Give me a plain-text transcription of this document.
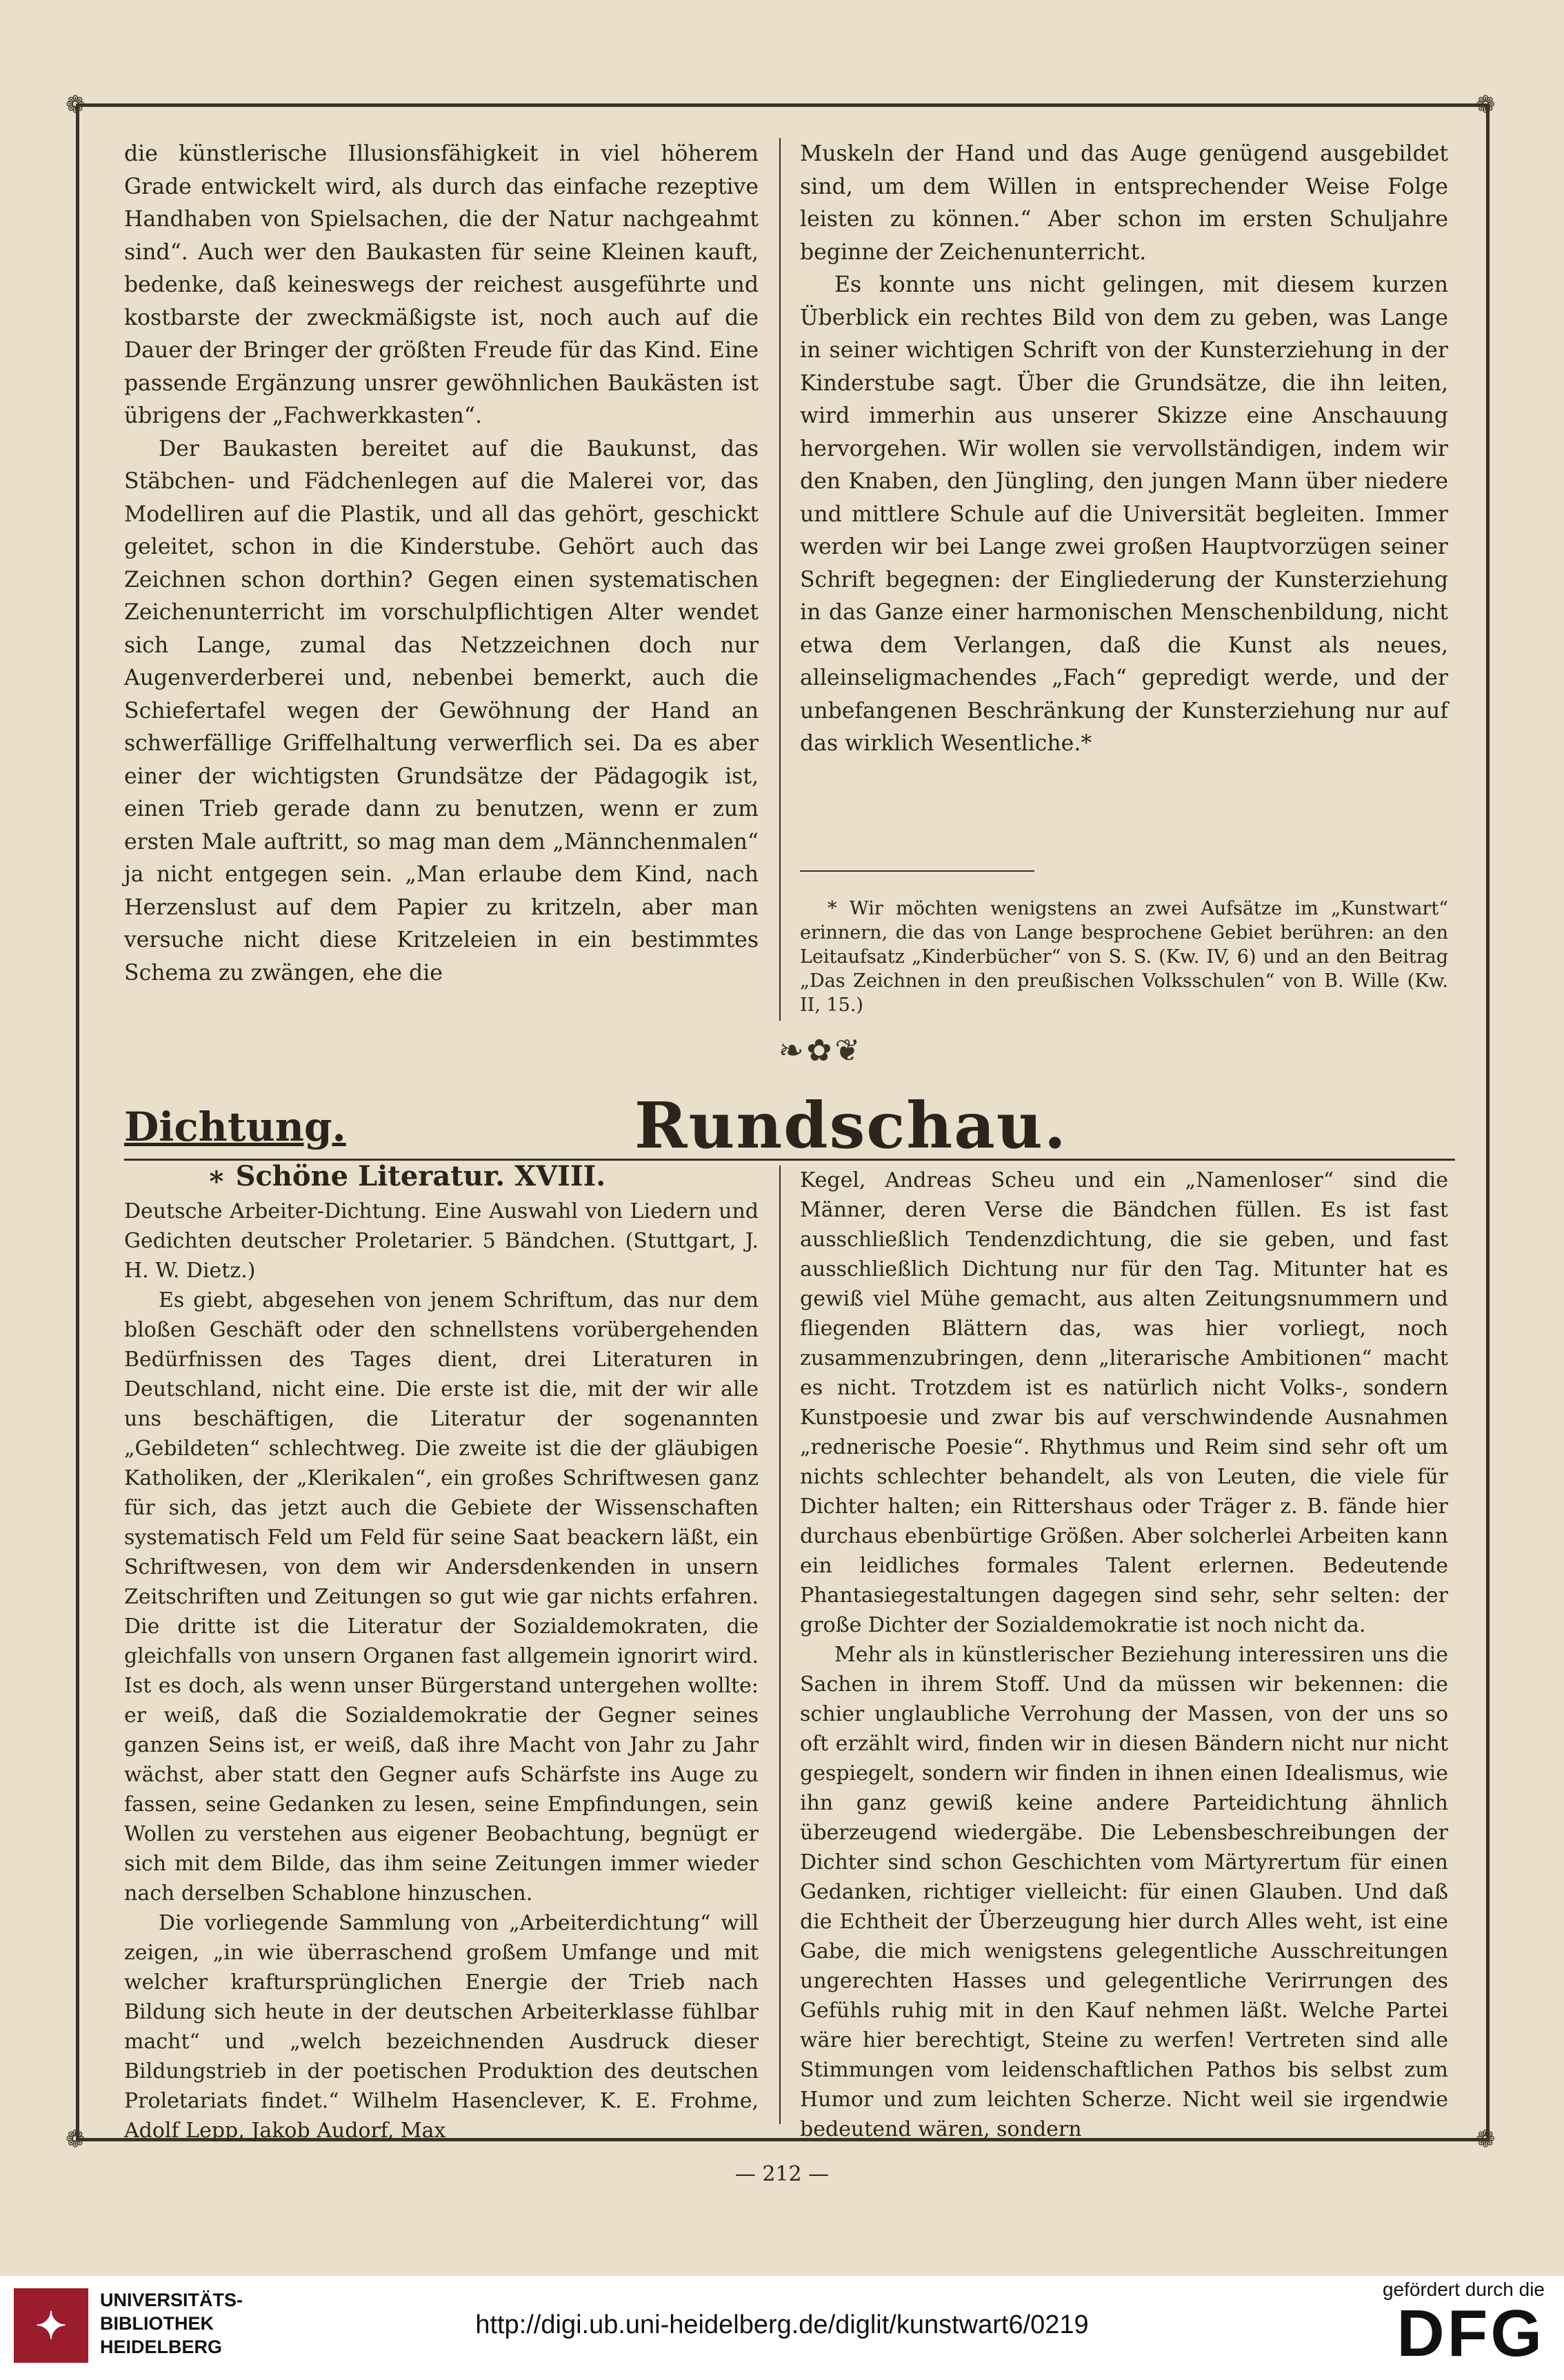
❁	❁
❁	❁

die künstlerische Illusionsfähigkeit in viel höherem Grade entwickelt wird, als durch das einfache rezeptive Handhaben von Spielsachen, die der Natur nachgeahmt sind“. Auch wer den Baukasten für seine Kleinen kauft, bedenke, daß keineswegs der reichest ausgeführte und kostbarste der zweckmäßigste ist, noch auch auf die Dauer der Bringer der größten Freude für das Kind. Eine passende Ergänzung unsrer gewöhnlichen Baukästen ist übrigens der „Fachwerkkasten“.

Der Baukasten bereitet auf die Baukunst, das Stäbchen- und Fädchenlegen auf die Malerei vor, das Modelliren auf die Plastik, und all das gehört, geschickt geleitet, schon in die Kinderstube. Gehört auch das Zeichnen schon dorthin? Gegen einen systematischen Zeichenunterricht im vorschulpflichtigen Alter wendet sich Lange, zumal das Netzzeichnen doch nur Augenverderberei und, nebenbei bemerkt, auch die Schiefertafel wegen der Gewöhnung der Hand an schwerfällige Griffelhaltung verwerflich sei. Da es aber einer der wichtigsten Grundsätze der Pädagogik ist, einen Trieb gerade dann zu benutzen, wenn er zum ersten Male auftritt, so mag man dem „Männchenmalen“ ja nicht entgegen sein. „Man erlaube dem Kind, nach Herzenslust auf dem Papier zu kritzeln, aber man versuche nicht diese Kritzeleien in ein bestimmtes Schema zu zwängen, ehe die

Muskeln der Hand und das Auge genügend ausgebildet sind, um dem Willen in entsprechender Weise Folge leisten zu können.“ Aber schon im ersten Schuljahre beginne der Zeichenunterricht.

Es konnte uns nicht gelingen, mit diesem kurzen Überblick ein rechtes Bild von dem zu geben, was Lange in seiner wichtigen Schrift von der Kunsterziehung in der Kinderstube sagt. Über die Grundsätze, die ihn leiten, wird immerhin aus unserer Skizze eine Anschauung hervorgehen. Wir wollen sie vervollständigen, indem wir den Knaben, den Jüngling, den jungen Mann über niedere und mittlere Schule auf die Universität begleiten. Immer werden wir bei Lange zwei großen Hauptvorzügen seiner Schrift begegnen: der Eingliederung der Kunsterziehung in das Ganze einer harmonischen Menschenbildung, nicht etwa dem Verlangen, daß die Kunst als neues, alleinseligmachendes „Fach“ gepredigt werde, und der unbefangenen Beschränkung der Kunsterziehung nur auf das wirklich Wesentliche.*

* Wir möchten wenigstens an zwei Aufsätze im „Kunstwart“ erinnern, die das von Lange besprochene Gebiet berühren: an den Leitaufsatz „Kinderbücher“ von S. S. (Kw. IV, 6) und an den Beitrag „Das Zeichnen in den preußischen Volksschulen“ von B. Wille (Kw. II, 15.)

❧✿❦
Dichtung.	Rundschau.
∗ Schöne Literatur. XVIII.

Deutsche Arbeiter-Dichtung. Eine Auswahl von Liedern und Gedichten deutscher Proletarier. 5 Bändchen. (Stuttgart, J. H. W. Dietz.)

Es giebt, abgesehen von jenem Schriftum, das nur dem bloßen Geschäft oder den schnellstens vorübergehenden Bedürfnissen des Tages dient, drei Literaturen in Deutschland, nicht eine. Die erste ist die, mit der wir alle uns beschäftigen, die Literatur der sogenannten „Gebildeten“ schlechtweg. Die zweite ist die der gläubigen Katholiken, der „Klerikalen“, ein großes Schriftwesen ganz für sich, das jetzt auch die Gebiete der Wissenschaften systematisch Feld um Feld für seine Saat beackern läßt, ein Schriftwesen, von dem wir Andersdenkenden in unsern Zeitschriften und Zeitungen so gut wie gar nichts erfahren. Die dritte ist die Literatur der Sozialdemokraten, die gleichfalls von unsern Organen fast allgemein ignorirt wird. Ist es doch, als wenn unser Bürgerstand untergehen wollte: er weiß, daß die Sozialdemokratie der Gegner seines ganzen Seins ist, er weiß, daß ihre Macht von Jahr zu Jahr wächst, aber statt den Gegner aufs Schärfste ins Auge zu fassen, seine Gedanken zu lesen, seine Empfindungen, sein Wollen zu verstehen aus eigener Beobachtung, begnügt er sich mit dem Bilde, das ihm seine Zeitungen immer wieder nach derselben Schablone hinzuschen.

Die vorliegende Sammlung von „Arbeiterdichtung“ will zeigen, „in wie überraschend großem Umfange und mit welcher kraftursprünglichen Energie der Trieb nach Bildung sich heute in der deutschen Arbeiterklasse fühlbar macht“ und „welch bezeichnenden Ausdruck dieser Bildungstrieb in der poetischen Produktion des deutschen Proletariats findet.“ Wilhelm Hasenclever, K. E. Frohme, Adolf Lepp, Jakob Audorf, Max

Kegel, Andreas Scheu und ein „Namenloser“ sind die Männer, deren Verse die Bändchen füllen. Es ist fast ausschließlich Tendenzdichtung, die sie geben, und fast ausschließlich Dichtung nur für den Tag. Mitunter hat es gewiß viel Mühe gemacht, aus alten Zeitungsnummern und fliegenden Blättern das, was hier vorliegt, noch zusammenzubringen, denn „literarische Ambitionen“ macht es nicht. Trotzdem ist es natürlich nicht Volks-, sondern Kunstpoesie und zwar bis auf verschwindende Ausnahmen „rednerische Poesie“. Rhythmus und Reim sind sehr oft um nichts schlechter behandelt, als von Leuten, die viele für Dichter halten; ein Rittershaus oder Träger z. B. fände hier durchaus ebenbürtige Größen. Aber solcherlei Arbeiten kann ein leidliches formales Talent erlernen. Bedeutende Phantasiegestaltungen dagegen sind sehr, sehr selten: der große Dichter der Sozialdemokratie ist noch nicht da.

Mehr als in künstlerischer Beziehung interessiren uns die Sachen in ihrem Stoff. Und da müssen wir bekennen: die schier unglaubliche Verrohung der Massen, von der uns so oft erzählt wird, finden wir in diesen Bändern nicht nur nicht gespiegelt, sondern wir finden in ihnen einen Idealismus, wie ihn ganz gewiß keine andere Parteidichtung ähnlich überzeugend wiedergäbe. Die Lebensbeschreibungen der Dichter sind schon Geschichten vom Märtyrertum für einen Gedanken, richtiger vielleicht: für einen Glauben. Und daß die Echtheit der Überzeugung hier durch Alles weht, ist eine Gabe, die mich wenigstens gelegentliche Ausschreitungen ungerechten Hasses und gelegentliche Verirrungen des Gefühls ruhig mit in den Kauf nehmen läßt. Welche Partei wäre hier berechtigt, Steine zu werfen! Vertreten sind alle Stimmungen vom leidenschaftlichen Pathos bis selbst zum Humor und zum leichten Scherze. Nicht weil sie irgendwie bedeutend wären, sondern

— 212 —
✦
UNIVERSITÄTS-
BIBLIOTHEK
HEIDELBERG
http://digi.ub.uni-heidelberg.de/diglit/kunstwart6/0219
gefördert durch die
DFG
